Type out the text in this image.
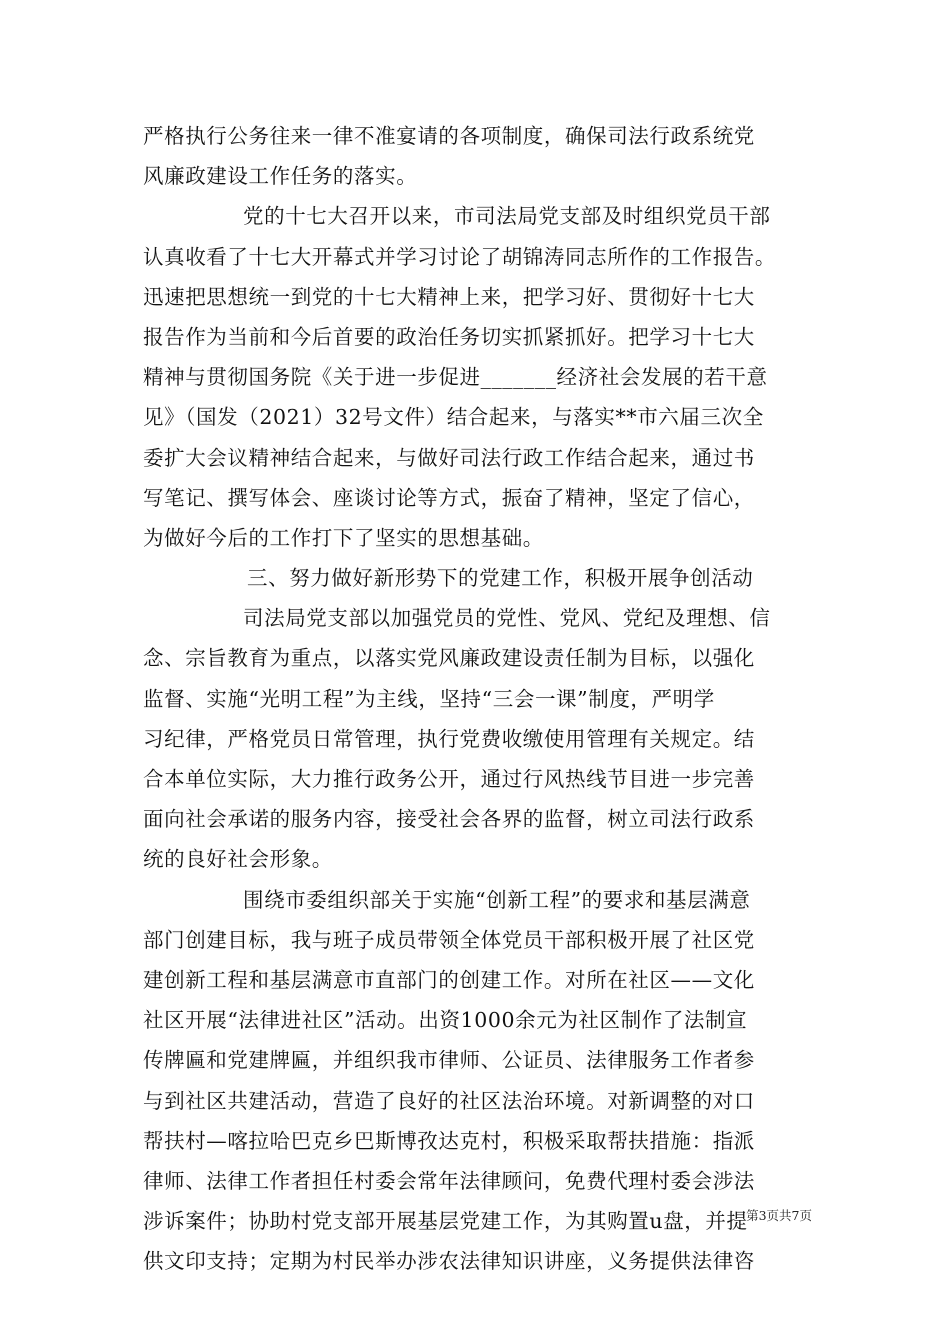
严格执行公务往来一律不准宴请的各项制度，确保司法行政系统党
风廉政建设工作任务的落实。
党的十七大召开以来，市司法局党支部及时组织党员干部
认真收看了十七大开幕式并学习讨论了胡锦涛同志所作的工作报告。
迅速把思想统一到党的十七大精神上来，把学习好、贯彻好十七大
报告作为当前和今后首要的政治任务切实抓紧抓好。把学习十七大
精神与贯彻国务院《关于进一步促进_______经济社会发展的若干意
见》（国发（2021）32号文件）结合起来，与落实**市六届三次全
委扩大会议精神结合起来，与做好司法行政工作结合起来，通过书
写笔记、撰写体会、座谈讨论等方式，振奋了精神，坚定了信心，
为做好今后的工作打下了坚实的思想基础。
三、努力做好新形势下的党建工作，积极开展争创活动
司法局党支部以加强党员的党性、党风、党纪及理想、信
念、宗旨教育为重点，以落实党风廉政建设责任制为目标，以强化
监督、实施“光明工程”为主线，坚持“三会一课”制度，严明学
习纪律，严格党员日常管理，执行党费收缴使用管理有关规定。结
合本单位实际，大力推行政务公开，通过行风热线节目进一步完善
面向社会承诺的服务内容，接受社会各界的监督，树立司法行政系
统的良好社会形象。
围绕市委组织部关于实施“创新工程”的要求和基层满意
部门创建目标，我与班子成员带领全体党员干部积极开展了社区党
建创新工程和基层满意市直部门的创建工作。对所在社区——文化
社区开展“法律进社区”活动。出资1000余元为社区制作了法制宣
传牌匾和党建牌匾，并组织我市律师、公证员、法律服务工作者参
与到社区共建活动，营造了良好的社区法治环境。对新调整的对口
帮扶村—喀拉哈巴克乡巴斯博孜达克村，积极采取帮扶措施：指派
律师、法律工作者担任村委会常年法律顾问，免费代理村委会涉法
涉诉案件；协助村党支部开展基层党建工作，为其购置u盘，并提
供文印支持；定期为村民举办涉农法律知识讲座，义务提供法律咨
第3页共7页
